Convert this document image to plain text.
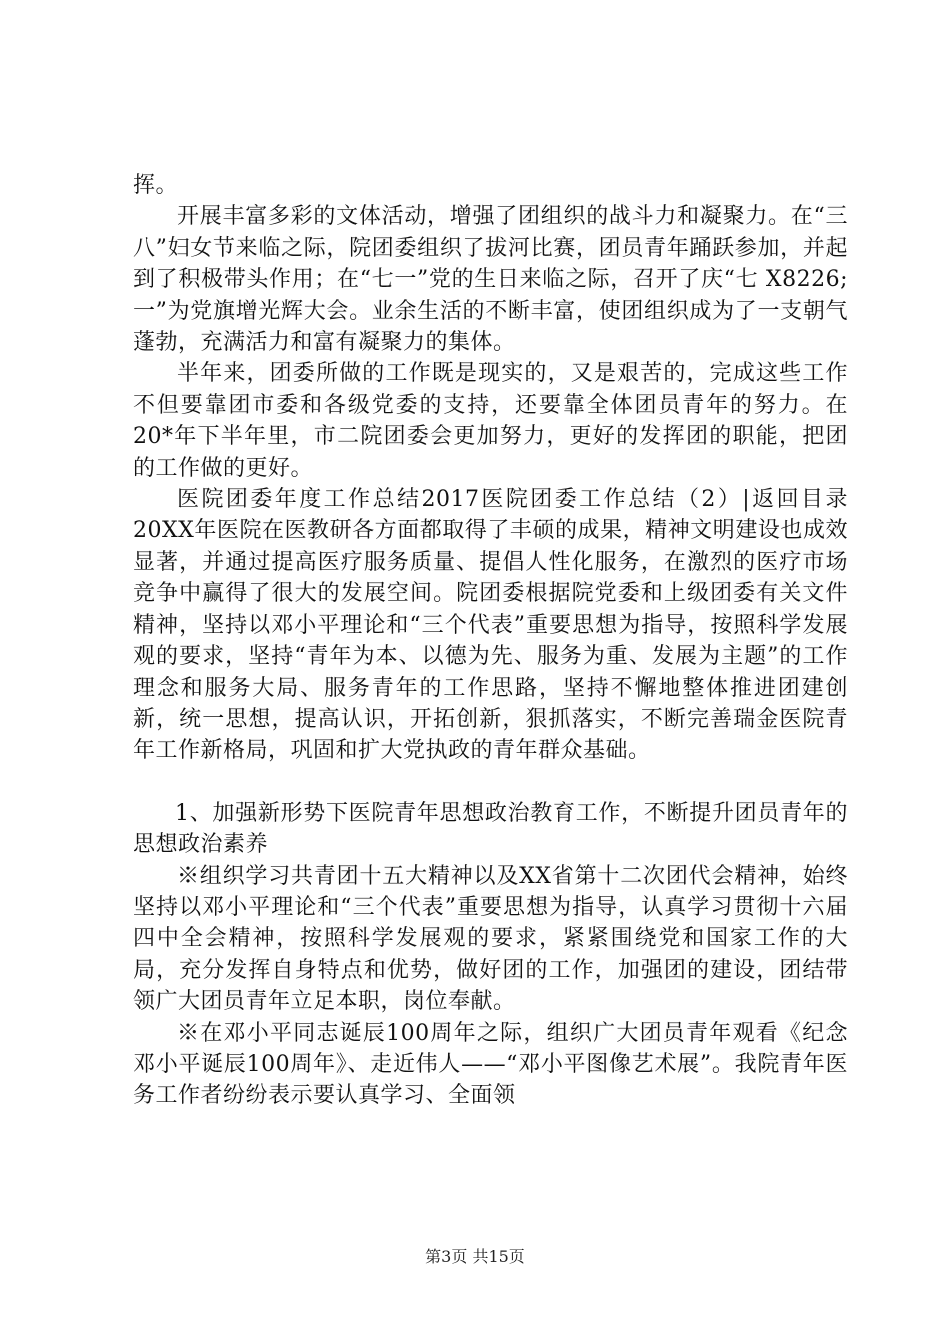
挥。

开展丰富多彩的文体活动，增强了团组织的战斗力和凝聚力。在“三八”妇女节来临之际，院团委组织了拔河比赛，团员青年踊跃参加，并起到了积极带头作用；在“七一”党的生日来临之际，召开了庆“七 X8226;一”为党旗增光辉大会。业余生活的不断丰富，使团组织成为了一支朝气蓬勃，充满活力和富有凝聚力的集体。

半年来，团委所做的工作既是现实的，又是艰苦的，完成这些工作不但要靠团市委和各级党委的支持，还要靠全体团员青年的努力。在20*年下半年里，市二院团委会更加努力，更好的发挥团的职能，把团的工作做的更好。

医院团委年度工作总结2017医院团委工作总结（2）|返回目录20XX年医院在医教研各方面都取得了丰硕的成果，精神文明建设也成效显著，并通过提高医疗服务质量、提倡人性化服务，在激烈的医疗市场竞争中赢得了很大的发展空间。院团委根据院党委和上级团委有关文件精神，坚持以邓小平理论和“三个代表”重要思想为指导，按照科学发展观的要求，坚持“青年为本、以德为先、服务为重、发展为主题”的工作理念和服务大局、服务青年的工作思路，坚持不懈地整体推进团建创新，统一思想，提高认识，开拓创新，狠抓落实，不断完善瑞金医院青年工作新格局，巩固和扩大党执政的青年群众基础。

1、加强新形势下医院青年思想政治教育工作，不断提升团员青年的思想政治素养

※组织学习共青团十五大精神以及XX省第十二次团代会精神，始终坚持以邓小平理论和“三个代表”重要思想为指导，认真学习贯彻十六届四中全会精神，按照科学发展观的要求，紧紧围绕党和国家工作的大局，充分发挥自身特点和优势，做好团的工作，加强团的建设，团结带领广大团员青年立足本职，岗位奉献。

※在邓小平同志诞辰100周年之际，组织广大团员青年观看《纪念邓小平诞辰100周年》、走近伟人——“邓小平图像艺术展”。我院青年医务工作者纷纷表示要认真学习、全面领

第3页 共15页
